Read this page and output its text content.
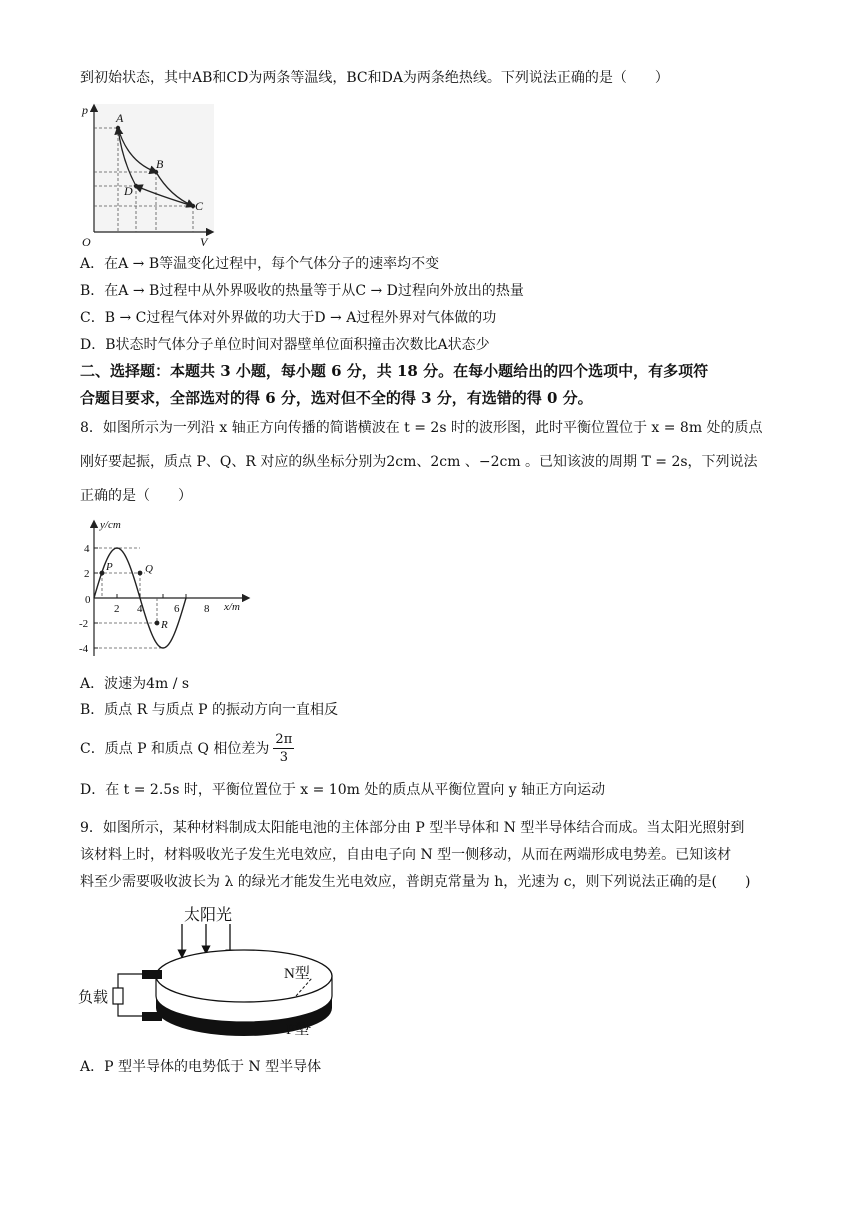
到初始状态，其中AB和CD为两条等温线，BC和DA为两条绝热线。下列说法正确的是（　　）
p
V
O
A
B
C
D
A．在A → B等温变化过程中，每个气体分子的速率均不变
B．在A → B过程中从外界吸收的热量等于从C → D过程向外放出的热量
C．B → C过程气体对外界做的功大于D → A过程外界对气体做的功
D．B状态时气体分子单位时间对器壁单位面积撞击次数比A状态少
二、选择题：本题共 3 小题，每小题 6 分，共 18 分。在每小题给出的四个选项中，有多项符
合题目要求，全部选对的得 6 分，选对但不全的得 3 分，有选错的得 0 分。
8．如图所示为一列沿 x 轴正方向传播的简谐横波在 t = 2s 时的波形图，此时平衡位置位于 x = 8m 处的质点
刚好要起振，质点 P、Q、R 对应的纵坐标分别为2cm、2cm 、−2cm 。已知该波的周期 T = 2s，下列说法
正确的是（　　）
y/cm
x/m
0
4
2
-2
-4
2 4	6 8
P	Q
R
A．波速为4m / s
B．质点 R 与质点 P 的振动方向一直相反
C．质点 P 和质点 Q 相位差为 $\frac{2\pi}{3}$
D．在 t = 2.5s 时，平衡位置位于 x = 10m 处的质点从平衡位置向 y 轴正方向运动
9．如图所示，某种材料制成太阳能电池的主体部分由 P 型半导体和 N 型半导体结合而成。当太阳光照射到
该材料上时，材料吸收光子发生光电效应，自由电子向 N 型一侧移动，从而在两端形成电势差。已知该材
料至少需要吸收波长为 λ 的绿光才能发生光电效应，普朗克常量为 h，光速为 c，则下列说法正确的是(　　)
太阳光
负载
N型
P型
A．P 型半导体的电势低于 N 型半导体
